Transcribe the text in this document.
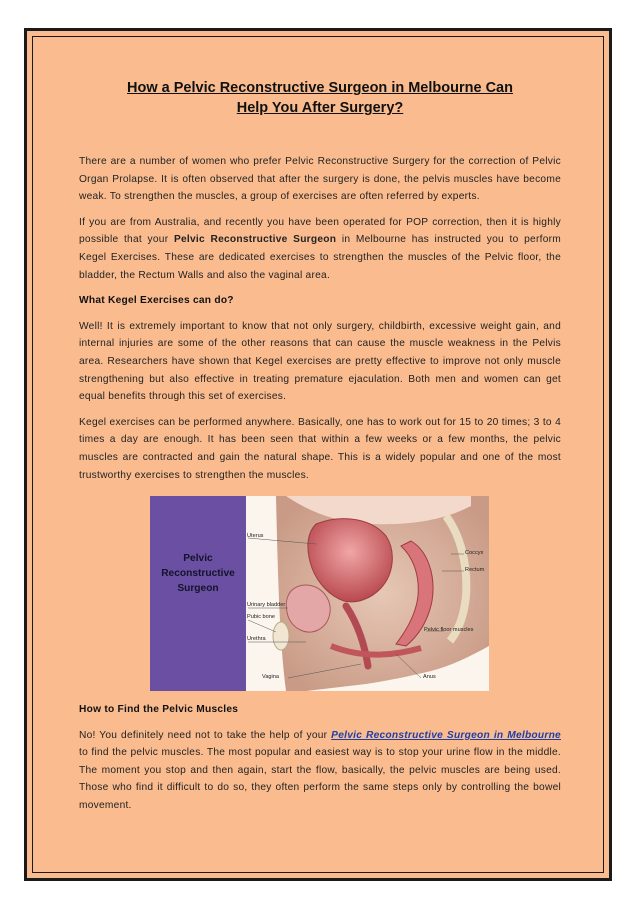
How a Pelvic Reconstructive Surgeon in Melbourne Can
Help You After Surgery?

There are a number of women who prefer Pelvic Reconstructive Surgery for the correction of Pelvic Organ Prolapse. It is often observed that after the surgery is done, the pelvis muscles have become weak. To strengthen the muscles, a group of exercises are often referred by experts.

If you are from Australia, and recently you have been operated for POP correction, then it is highly possible that your Pelvic Reconstructive Surgeon in Melbourne has instructed you to perform Kegel Exercises. These are dedicated exercises to strengthen the muscles of the Pelvic floor, the bladder, the Rectum Walls and also the vaginal area.

What Kegel Exercises can do?

Well! It is extremely important to know that not only surgery, childbirth, excessive weight gain, and internal injuries are some of the other reasons that can cause the muscle weakness in the Pelvis area. Researchers have shown that Kegel exercises are pretty effective to improve not only muscle strengthening but also effective in treating premature ejaculation. Both men and women can get equal benefits through this set of exercises.

Kegel exercises can be performed anywhere. Basically, one has to work out for 15 to 20 times; 3 to 4 times a day are enough. It has been seen that within a few weeks or a few months, the pelvic muscles are contracted and gain the natural shape. This is a widely popular and one of the most trustworthy exercises to strengthen the muscles.

Pelvic
Reconstructive
Surgeon
Uterus
Coccyx
Rectum
Urinary bladder
Pubic bone
Urethra
Pelvic floor muscles
Vagina	Anus

How to Find the Pelvic Muscles

No! You definitely need not to take the help of your Pelvic Reconstructive Surgeon in Melbourne to find the pelvic muscles. The most popular and easiest way is to stop your urine flow in the middle. The moment you stop and then again, start the flow, basically, the pelvic muscles are being used. Those who find it difficult to do so, they often perform the same steps only by controlling the bowel movement.
